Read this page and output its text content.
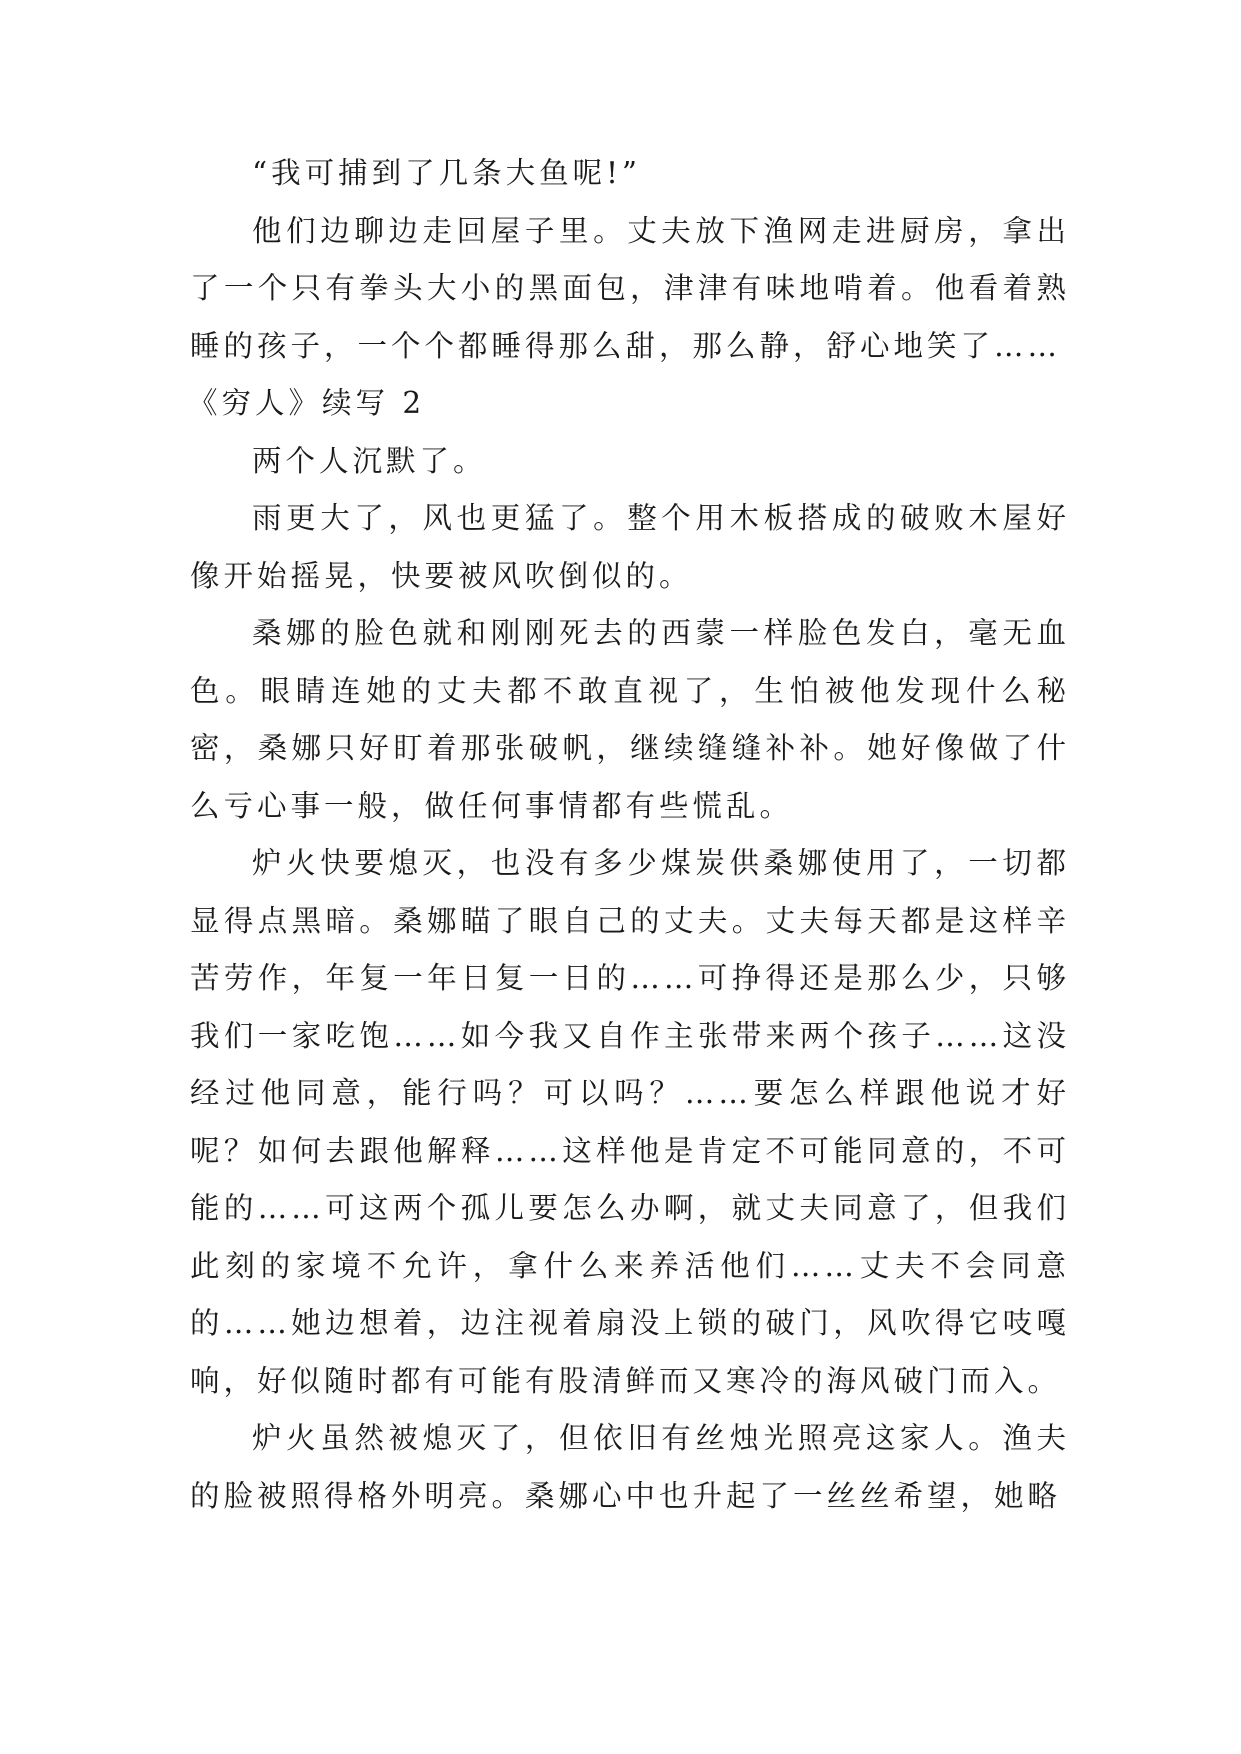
“我可捕到了几条大鱼呢!”

他们边聊边走回屋子里。丈夫放下渔网走进厨房，拿出了一个只有拳头大小的黑面包，津津有味地啃着。他看着熟睡的孩子，一个个都睡得那么甜，那么静，舒心地笑了……

《穷人》续写 2

两个人沉默了。

雨更大了，风也更猛了。整个用木板搭成的破败木屋好像开始摇晃，快要被风吹倒似的。

桑娜的脸色就和刚刚死去的西蒙一样脸色发白，毫无血色。眼睛连她的丈夫都不敢直视了，生怕被他发现什么秘密，桑娜只好盯着那张破帆，继续缝缝补补。她好像做了什么亏心事一般，做任何事情都有些慌乱。

炉火快要熄灭，也没有多少煤炭供桑娜使用了，一切都显得点黑暗。桑娜瞄了眼自己的丈夫。丈夫每天都是这样辛苦劳作，年复一年日复一日的……可挣得还是那么少，只够我们一家吃饱……如今我又自作主张带来两个孩子……这没经过他同意，能行吗？可以吗？……要怎么样跟他说才好呢？如何去跟他解释……这样他是肯定不可能同意的，不可能的……可这两个孤儿要怎么办啊，就丈夫同意了，但我们此刻的家境不允许，拿什么来养活他们……丈夫不会同意的……她边想着，边注视着扇没上锁的破门，风吹得它吱嘎响，好似随时都有可能有股清鲜而又寒冷的海风破门而入。

炉火虽然被熄灭了，但依旧有丝烛光照亮这家人。渔夫的脸被照得格外明亮。桑娜心中也升起了一丝丝希望，她略
